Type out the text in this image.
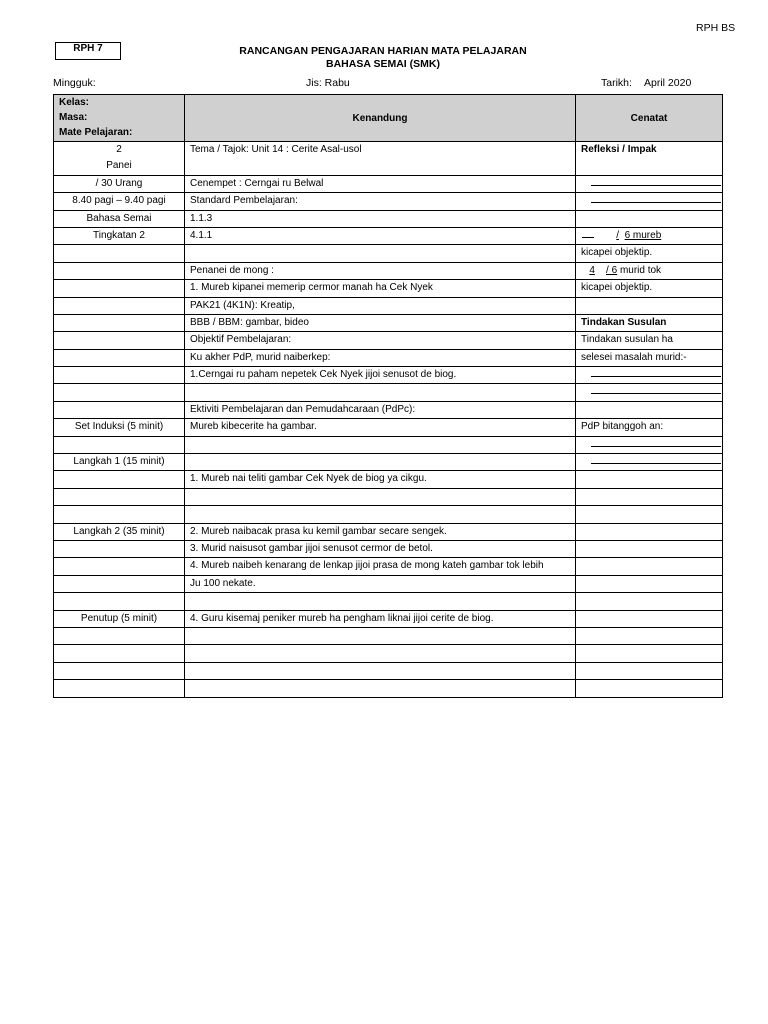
RPH BS
RPH 7	RANCANGAN PENGAJARAN HARIAN MATA PELAJARAN
BAHASA SEMAI (SMK)
Mingguk:	Jis: Rabu	Tarikh: April 2020
Kelas:
Masa:
Mate Pelajaran:	Kenandung	Cenatat
2	Tema / Tajok: Unit 14 : Cerite Asal-usol	Refleksi / Impak
Panei		
/ 30 Urang	Cenempet : Cerngai ru Belwal	
8.40 pagi – 9.40 pagi	Standard Pembelajaran:	
Bahasa Semai	1.1.3	
Tingkatan 2	4.1.1	/ 6 mureb
		kicapei objektip.
	Penanei de mong :	4 / 6 murid tok
	1. Mureb kipanei memerip cermor manah ha Cek Nyek	kicapei objektip.
	PAK21 (4K1N): Kreatip,	
	BBB / BBM: gambar, bideo	Tindakan Susulan
	Objektif Pembelajaran:	Tindakan susulan ha
	Ku akher PdP, murid naiberkep:	selesei masalah murid:-
	1.Cerngai ru paham nepetek Cek Nyek jijoi senusot de biog.	

	Ektiviti Pembelajaran dan Pemudahcaraan (PdPc):	
Set Induksi (5 minit)	Mureb kibecerite ha gambar.	PdP bitanggoh an:

Langkah 1 (15 minit)		
	1. Mureb nai teliti gambar Cek Nyek de biog ya cikgu.	

Langkah 2 (35 minit)	2. Mureb naibacak prasa ku kemil gambar secare sengek.	
	3. Murid naisusot gambar jijoi senusot cermor de betol.	
	4. Mureb naibeh kenarang de lenkap jijoi prasa de mong kateh gambar tok lebih	
	Ju 100 nekate.	

Penutup (5 minit)	4. Guru kisemaj peniker mureb ha pengham liknai jijoi cerite de biog.	
